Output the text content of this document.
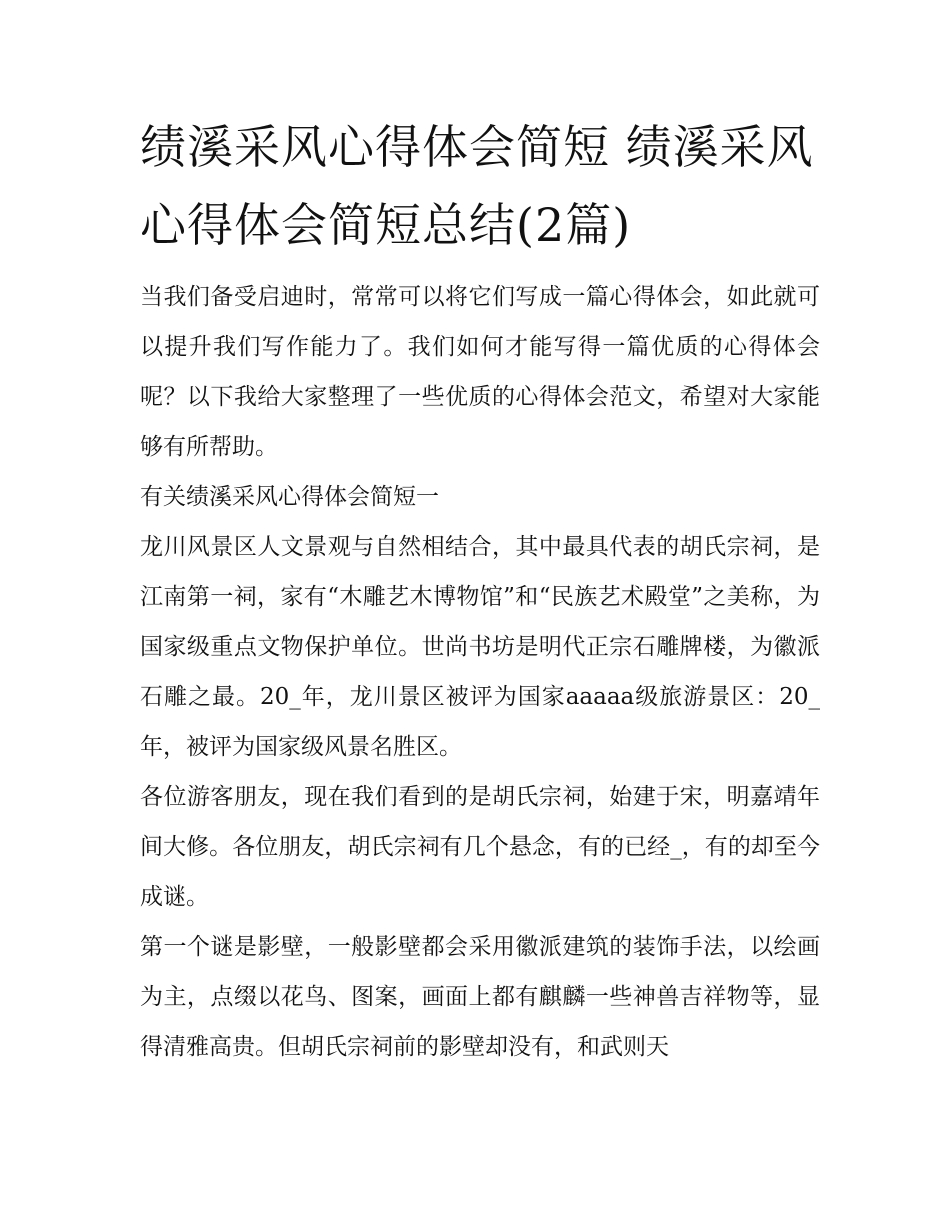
绩溪采风心得体会简短 绩溪采风心得体会简短总结(2篇)

当我们备受启迪时，常常可以将它们写成一篇心得体会，如此就可以提升我们写作能力了。我们如何才能写得一篇优质的心得体会呢？以下我给大家整理了一些优质的心得体会范文，希望对大家能够有所帮助。

有关绩溪采风心得体会简短一

龙川风景区人文景观与自然相结合，其中最具代表的胡氏宗祠，是江南第一祠，家有“木雕艺木博物馆”和“民族艺术殿堂”之美称，为国家级重点文物保护单位。世尚书坊是明代正宗石雕牌楼，为徽派石雕之最。20_年，龙川景区被评为国家aaaaa级旅游景区：20_年，被评为国家级风景名胜区。

各位游客朋友，现在我们看到的是胡氏宗祠，始建于宋，明嘉靖年间大修。各位朋友，胡氏宗祠有几个悬念，有的已经_，有的却至今成谜。

第一个谜是影壁，一般影壁都会采用徽派建筑的装饰手法，以绘画为主，点缀以花鸟、图案，画面上都有麒麟一些神兽吉祥物等，显得清雅高贵。但胡氏宗祠前的影壁却没有，和武则天
